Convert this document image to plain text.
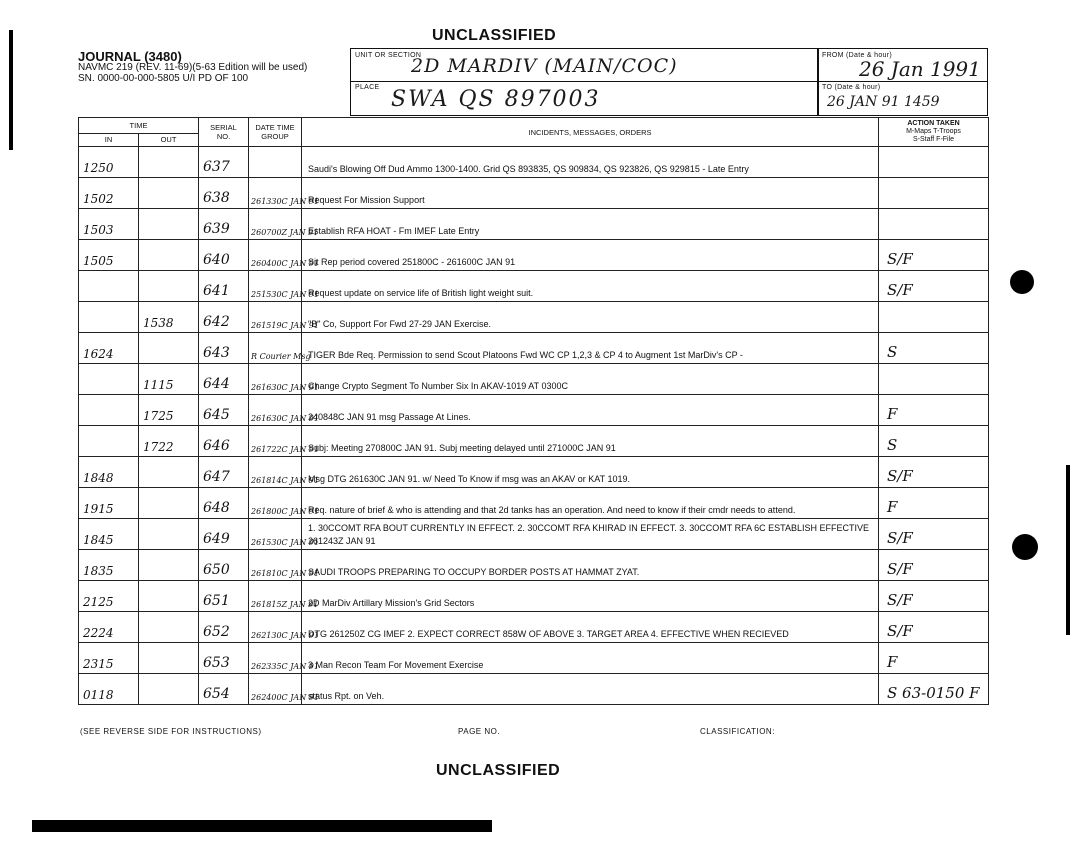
UNCLASSIFIED
JOURNAL (3480)
NAVMC 219 (REV. 11-69)(5-63 Edition will be used)
SN. 0000-00-000-5805 U/I PD OF 100
UNIT OR SECTION
2D MARDIV (MAIN/COC)
PLACE SWA QS 897003
FROM (Date & hour)
26 Jan 1991
TO (Date & hour)
26 JAN 91 1459
TIME		SERIAL
NO.	DATE TIME GROUP	INCIDENTS, MESSAGES, ORDERS	ACTION TAKEN
M-Maps T-Troops
S-Staff F-File
IN	OUT				

1250		637		Saudi's Blowing Off Dud Ammo 1300-1400. Grid QS 893835, QS 909834, QS 923826, QS 929815 - Late Entry	

1502		638	261330C JAN 91	Request For Mission Support	

1503		639	260700Z JAN 91	Establish RFA HOAT - Fm IMEF Late Entry	

1505		640	260400C JAN 91	Sit Rep period covered 251800C - 261600C JAN 91	S/F

		641	251530C JAN 91	Request update on service life of British light weight suit.	S/F

	1538	642	261519C JAN 91	"B" Co, Support For Fwd 27-29 JAN Exercise.	

1624		643	R Courier Msg	TIGER Bde Req. Permission to send Scout Platoons Fwd WC CP 1,2,3 & CP 4 to Augment 1st MarDiv's CP -	S

	1115	644	261630C JAN 91	Change Crypto Segment To Number Six In AKAV-1019 AT 0300C	

	1725	645	261630C JAN 91	240848C JAN 91 msg Passage At Lines.	F

	1722	646	261722C JAN 91	Subj: Meeting 270800C JAN 91. Subj meeting delayed until 271000C JAN 91	S

1848		647	261814C JAN 91	Msg DTG 261630C JAN 91. w/ Need To Know if msg was an AKAV or KAT 1019.	S/F

1915		648	261800C JAN 91	Req. nature of brief & who is attending and that 2d tanks has an operation. And need to know if their cmdr needs to attend.	F

1845		649	261530C JAN 91	1. 30CCOMT RFA BOUT CURRENTLY IN EFFECT. 2. 30CCOMT RFA KHIRAD IN EFFECT. 3. 30CCOMT RFA 6C ESTABLISH EFFECTIVE 261243Z JAN 91	S/F

1835		650	261810C JAN 91	SAUDI TROOPS PREPARING TO OCCUPY BORDER POSTS AT HAMMAT ZYAT.	S/F

2125		651	261815Z JAN 91	2D MarDiv Artillary Mission's Grid Sectors	S/F

2224		652	262130C JAN 91	DTG 261250Z CG IMEF 2. EXPECT CORRECT 858W OF ABOVE 3. TARGET AREA 4. EFFECTIVE WHEN RECIEVED	S/F

2315		653	262335C JAN 91	3 Man Recon Team For Movement Exercise	F

0118		654	262400C JAN 91	status Rpt. on Veh.	S 63-0150 F
(SEE REVERSE SIDE FOR INSTRUCTIONS)	PAGE NO.	CLASSIFICATION:
UNCLASSIFIED
